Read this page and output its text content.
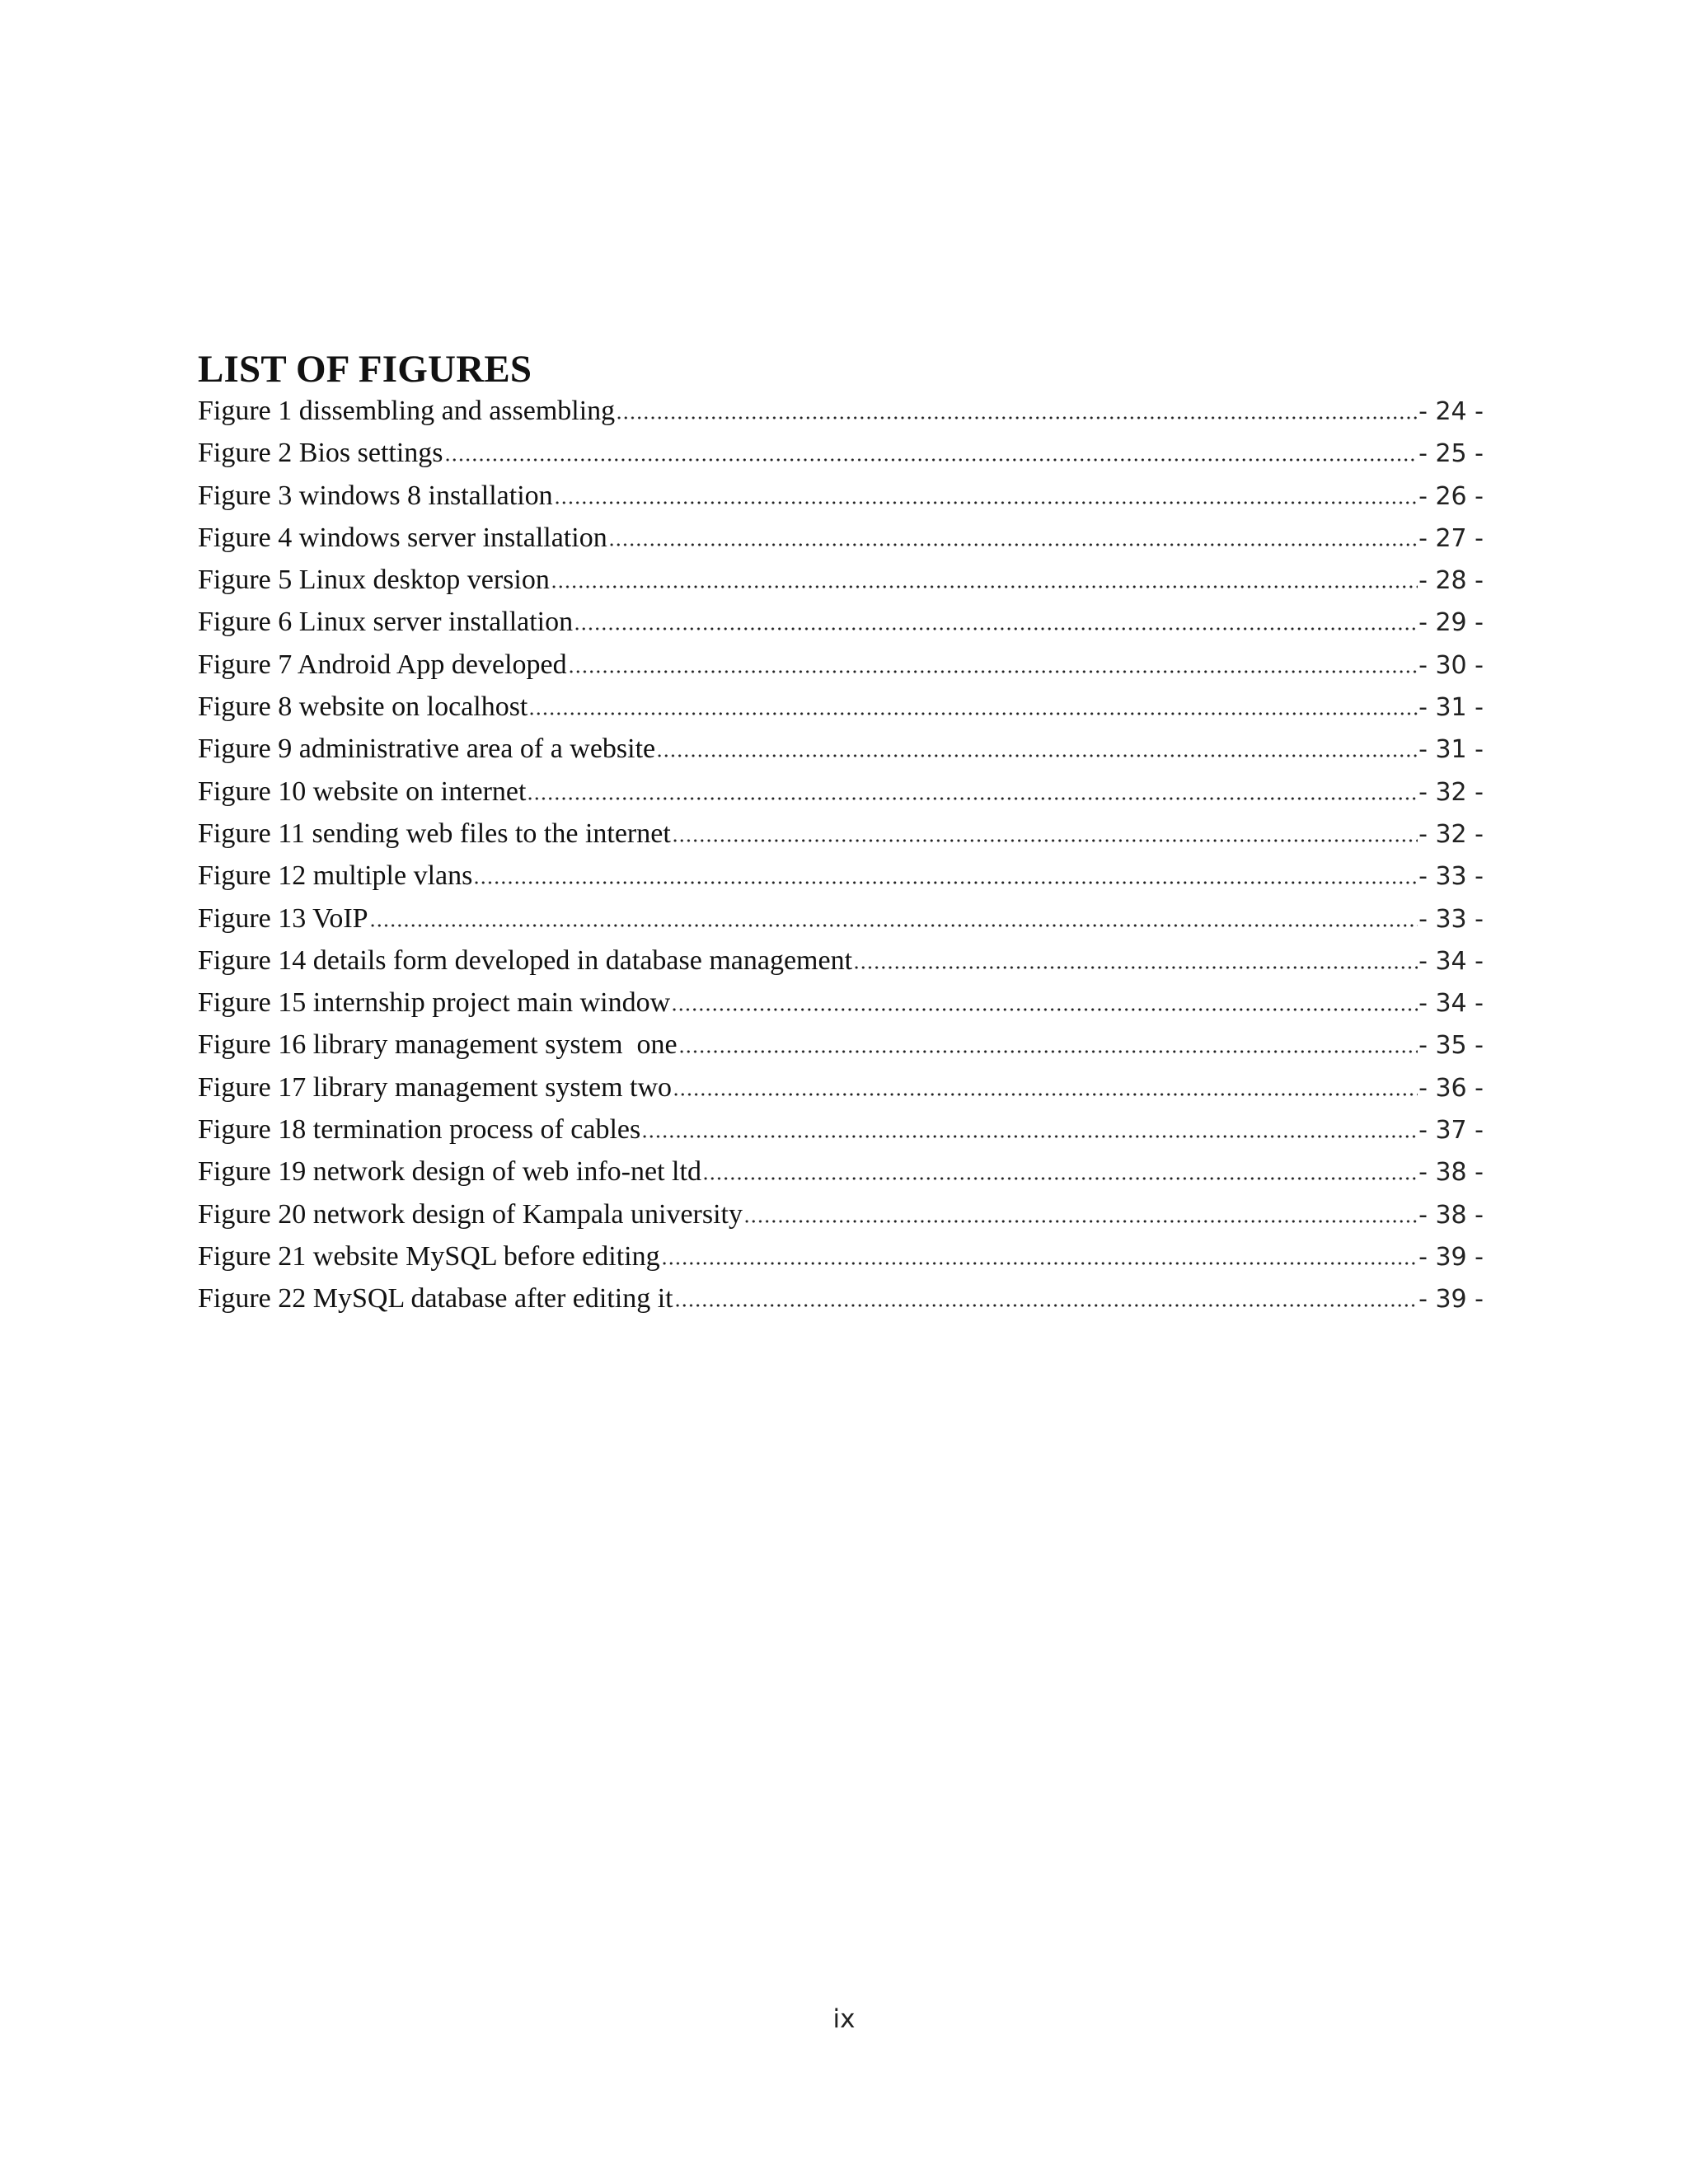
LIST OF FIGURES
Figure 1 dissembling and assembling	- 24 -
Figure 2 Bios settings	- 25 -
Figure 3 windows 8 installation	- 26 -
Figure 4 windows server installation	- 27 -
Figure 5 Linux desktop version	- 28 -
Figure 6 Linux server installation	- 29 -
Figure 7 Android App developed	- 30 -
Figure 8 website on localhost	- 31 -
Figure 9 administrative area of a website	- 31 -
Figure 10 website on internet	- 32 -
Figure 11 sending web files to the internet	- 32 -
Figure 12 multiple vlans	- 33 -
Figure 13 VoIP	- 33 -
Figure 14 details form developed in database management	- 34 -
Figure 15 internship project main window	- 34 -
Figure 16 library management system  one	- 35 -
Figure 17 library management system two	- 36 -
Figure 18 termination process of cables	- 37 -
Figure 19 network design of web info-net ltd	- 38 -
Figure 20 network design of Kampala university	- 38 -
Figure 21 website MySQL before editing	- 39 -
Figure 22 MySQL database after editing it	- 39 -
ix
